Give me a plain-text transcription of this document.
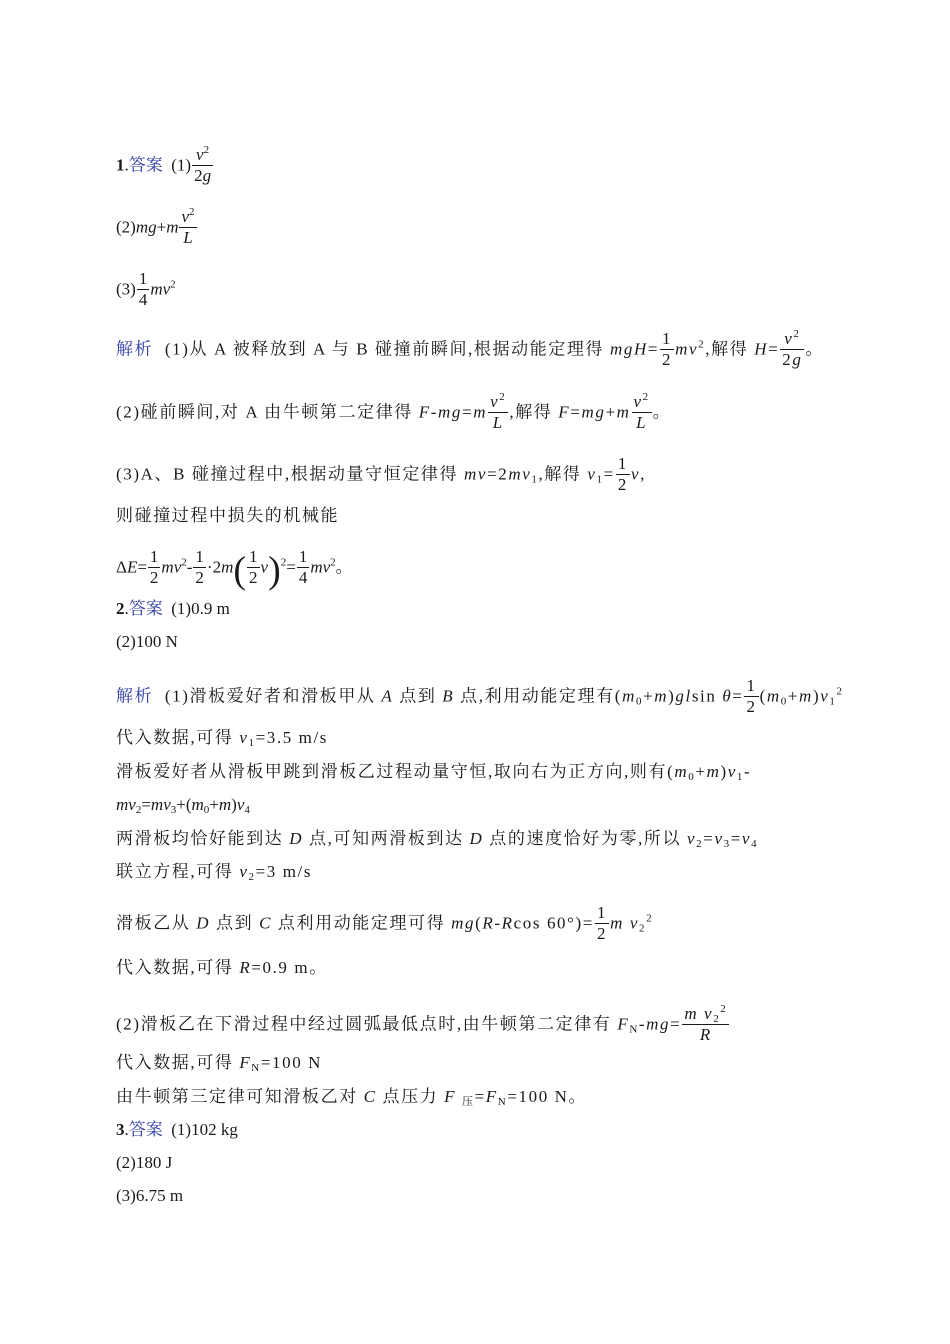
1.答案 $(1) \frac{v^2}{2g}$
$(2)mg+m \frac{v^2}{L}$
$(3) \frac{1}{4} mv^2$
解析 (1)从 A 被释放到 A 与 B 碰撞前瞬间,根据动能定理得 $mgH= \frac{1}{2} mv^2$,解得 $H= \frac{v^2}{2g}$ 。
(2)碰前瞬间,对 A 由牛顿第二定律得 $F-mg=m \frac{v^2}{L}$ ,解得 $F=mg+m \frac{v^2}{L}$ 。
(3)A、B 碰撞过程中,根据动量守恒定律得 $mv=2mv_1$,解得 $v_1= \frac{1}{2} v$,
则碰撞过程中损失的机械能
$\Delta E= \frac{1}{2} mv^2- \frac{1}{2} \cdot 2m( \frac{1}{2} v)^2= \frac{1}{4} mv^2$。
2.答案 (1)0.9 m
(2)100 N
解析 (1)滑板爱好者和滑板甲从 A 点到 B 点,利用动能定理有$(m_0+m)glsin$ $\theta= \frac{1}{2} (m_0+m)v_1^2$
代入数据,可得 $v_1=3.5$ m/s
滑板爱好者从滑板甲跳到滑板乙过程动量守恒,取向右为正方向,则有$(m_0+m)v_1-$
$mv_2=mv_3+(m_0+m)v_4$
两滑板均恰好能到达 D 点,可知两滑板到达 D 点的速度恰好为零,所以 $v_2=v_3=v_4$
联立方程,可得 $v_2=3$ m/s
滑板乙从 D 点到 C 点利用动能定理可得 mg(R-Rcos $60^\circ)= \frac{1}{2}$ m $v_2^2$
代入数据,可得 R=0.9 m。
(2)滑板乙在下滑过程中经过圆弧最低点时,由牛顿第二定律有 $F_N-mg= \frac{m v_2^2}{R}$
代入数据,可得 $F_N=100$ N
由牛顿第三定律可知滑板乙对 C 点压力 F $_压=F_N=100$ N。
3.答案 (1)102 kg
(2)180 J
(3)6.75 m
